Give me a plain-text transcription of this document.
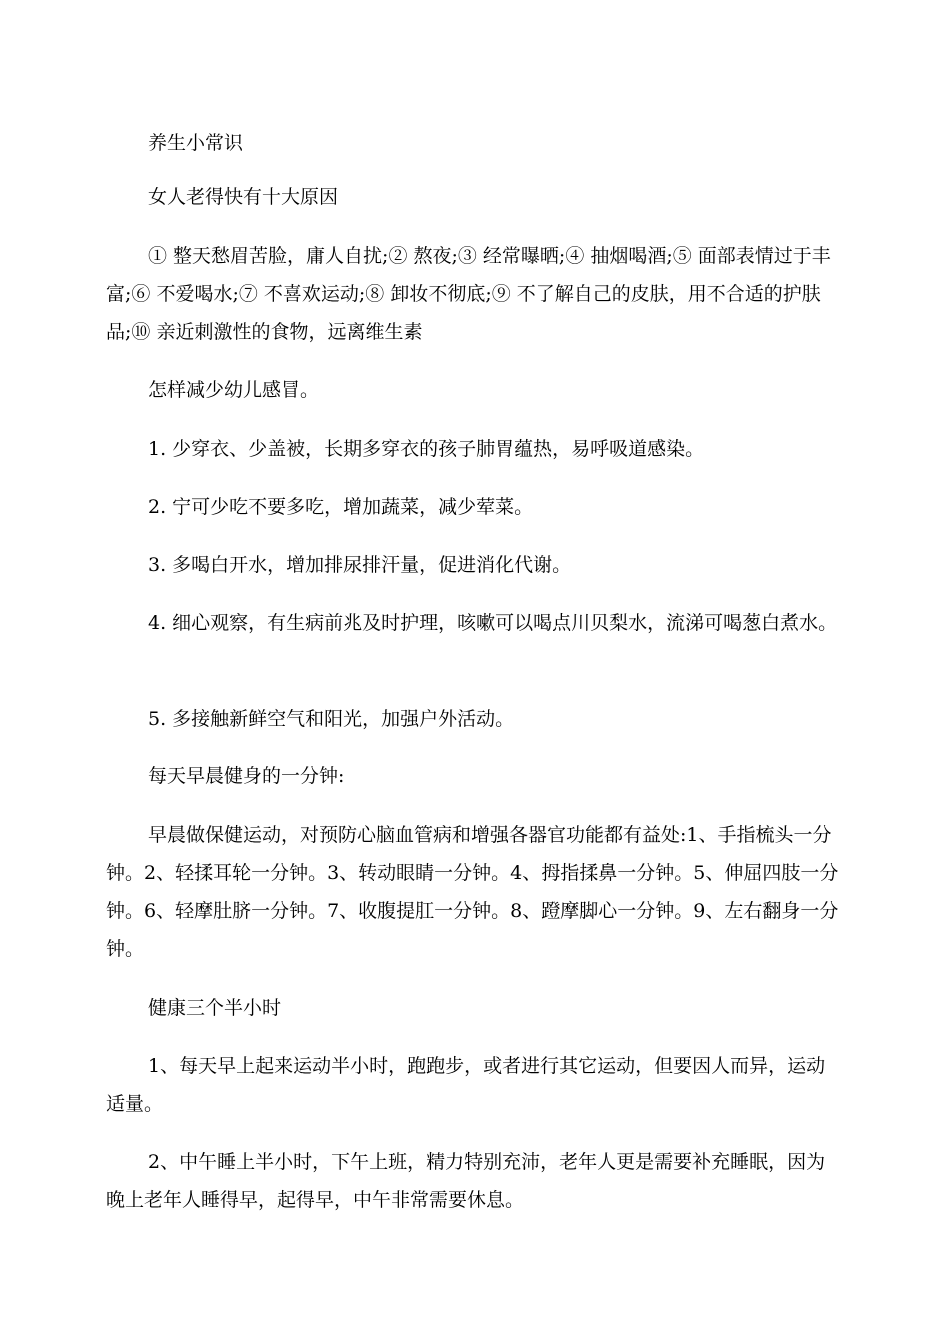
养生小常识

女人老得快有十大原因

① 整天愁眉苦脸，庸人自扰;② 熬夜;③ 经常曝晒;④ 抽烟喝酒;⑤ 面部表情过于丰富;⑥ 不爱喝水;⑦ 不喜欢运动;⑧ 卸妆不彻底;⑨ 不了解自己的皮肤，用不合适的护肤品;⑩ 亲近刺激性的食物，远离维生素

怎样减少幼儿感冒。

1. 少穿衣、少盖被，长期多穿衣的孩子肺胃蕴热，易呼吸道感染。

2. 宁可少吃不要多吃，增加蔬菜，减少荤菜。

3. 多喝白开水，增加排尿排汗量，促进消化代谢。

4. 细心观察，有生病前兆及时护理，咳嗽可以喝点川贝梨水，流涕可喝葱白煮水。

5. 多接触新鲜空气和阳光，加强户外活动。

每天早晨健身的一分钟:

早晨做保健运动，对预防心脑血管病和增强各器官功能都有益处:1、手指梳头一分钟。2、轻揉耳轮一分钟。3、转动眼睛一分钟。4、拇指揉鼻一分钟。5、伸屈四肢一分钟。6、轻摩肚脐一分钟。7、收腹提肛一分钟。8、蹬摩脚心一分钟。9、左右翻身一分钟。

健康三个半小时

1、每天早上起来运动半小时，跑跑步，或者进行其它运动，但要因人而异，运动适量。

2、中午睡上半小时，下午上班，精力特别充沛，老年人更是需要补充睡眠，因为晚上老年人睡得早，起得早，中午非常需要休息。
